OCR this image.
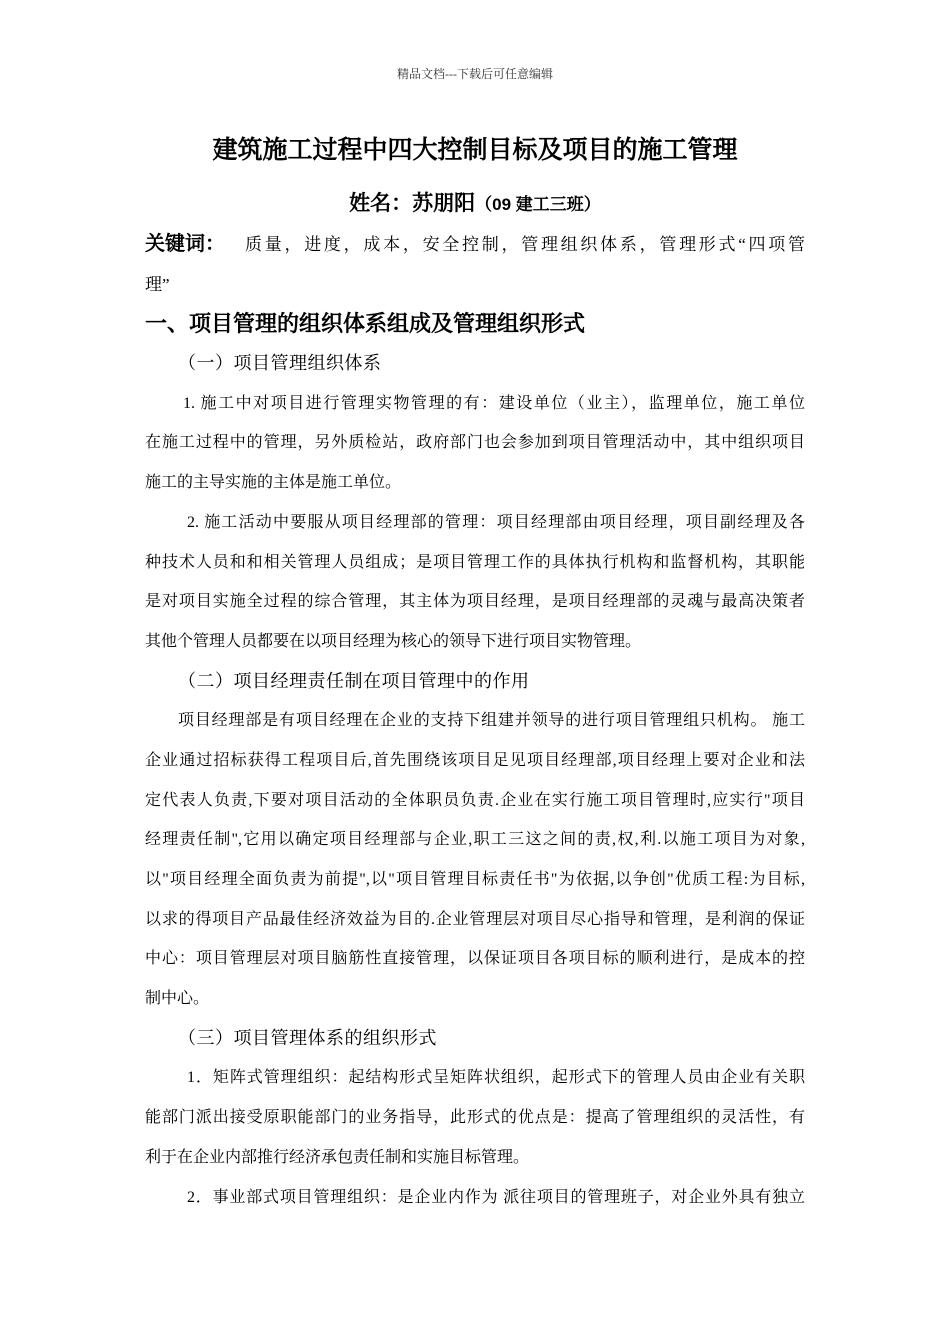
精品文档---下载后可任意编辑
建筑施工过程中四大控制目标及项目的施工管理
姓名：苏朋阳（09 建工三班）
关键词： 质量，进度，成本，安全控制，管理组织体系，管理形式“四项管
理”
一、项目管理的组织体系组成及管理组织形式
（一）项目管理组织体系
1. 施工中对项目进行管理实物管理的有：建设单位（业主），监理单位，施工单位
在施工过程中的管理，另外质检站，政府部门也会参加到项目管理活动中，其中组织项目
施工的主导实施的主体是施工单位。
2. 施工活动中要服从项目经理部的管理：项目经理部由项目经理，项目副经理及各
种技术人员和和相关管理人员组成；是项目管理工作的具体执行机构和监督机构，其职能
是对项目实施全过程的综合管理，其主体为项目经理，是项目经理部的灵魂与最高决策者
其他个管理人员都要在以项目经理为核心的领导下进行项目实物管理。
（二）项目经理责任制在项目管理中的作用
项目经理部是有项目经理在企业的支持下组建并领导的进行项目管理组只机构。 施工
企业通过招标获得工程项目后,首先围绕该项目足见项目经理部,项目经理上要对企业和法
定代表人负责,下要对项目活动的全体职员负责.企业在实行施工项目管理时,应实行"项目
经理责任制",它用以确定项目经理部与企业,职工三这之间的责,权,利.以施工项目为对象,
以"项目经理全面负责为前提",以"项目管理目标责任书"为依据,以争创"优质工程:为目标,
以求的得项目产品最佳经济效益为目的.企业管理层对项目尽心指导和管理，是利润的保证
中心：项目管理层对项目脑筋性直接管理，以保证项目各项目标的顺利进行，是成本的控
制中心。
（三）项目管理体系的组织形式
1．矩阵式管理组织：起结构形式呈矩阵状组织，起形式下的管理人员由企业有关职
能部门派出接受原职能部门的业务指导，此形式的优点是：提高了管理组织的灵活性，有
利于在企业内部推行经济承包责任制和实施目标管理。
2．事业部式项目管理组织：是企业内作为 派往项目的管理班子，对企业外具有独立
